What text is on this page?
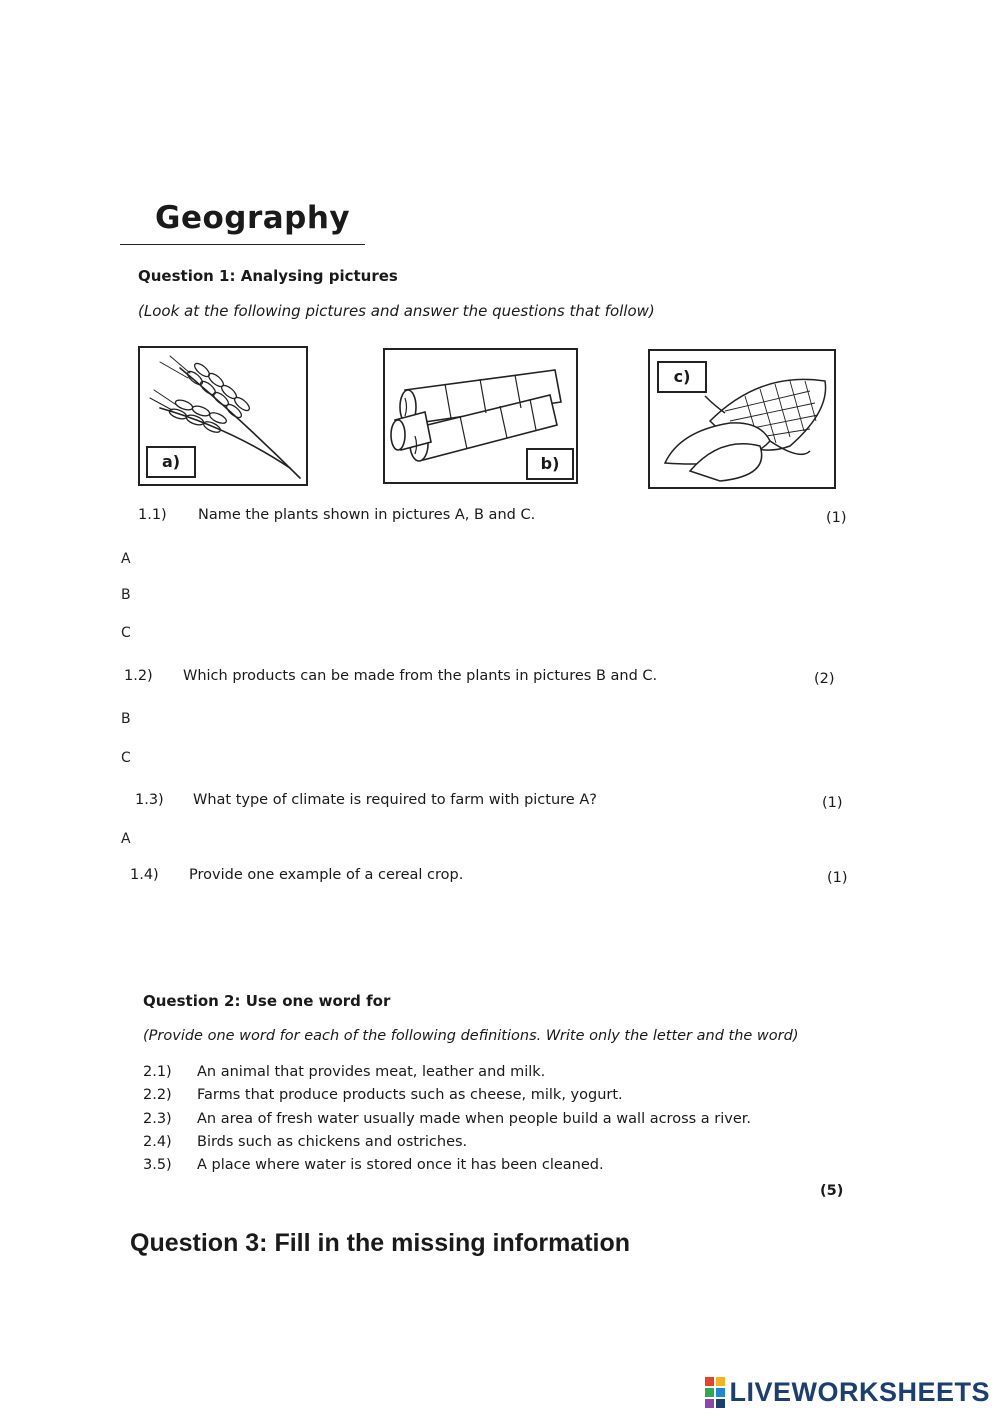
Geography
Question 1: Analysing pictures
(Look at the following pictures and answer the questions that follow)
a)	b)
c)
1.1) Name the plants shown in pictures A, B and C.	(1)
A
B
C
1.2) Which products can be made from the plants in pictures B and C.	(2)
B
C
1.3) What type of climate is required to farm with picture A?	(1)
A
1.4) Provide one example of a cereal crop.	(1)
Question 2: Use one word for
(Provide one word for each of the following definitions. Write only the letter and the word)
2.1) An animal that provides meat, leather and milk.
2.2) Farms that produce products such as cheese, milk, yogurt.
2.3) An area of fresh water usually made when people build a wall across a river.
2.4) Birds such as chickens and ostriches.
3.5) A place where water is stored once it has been cleaned.
(5)
Question 3: Fill in the missing information
LIVEWORKSHEETS
